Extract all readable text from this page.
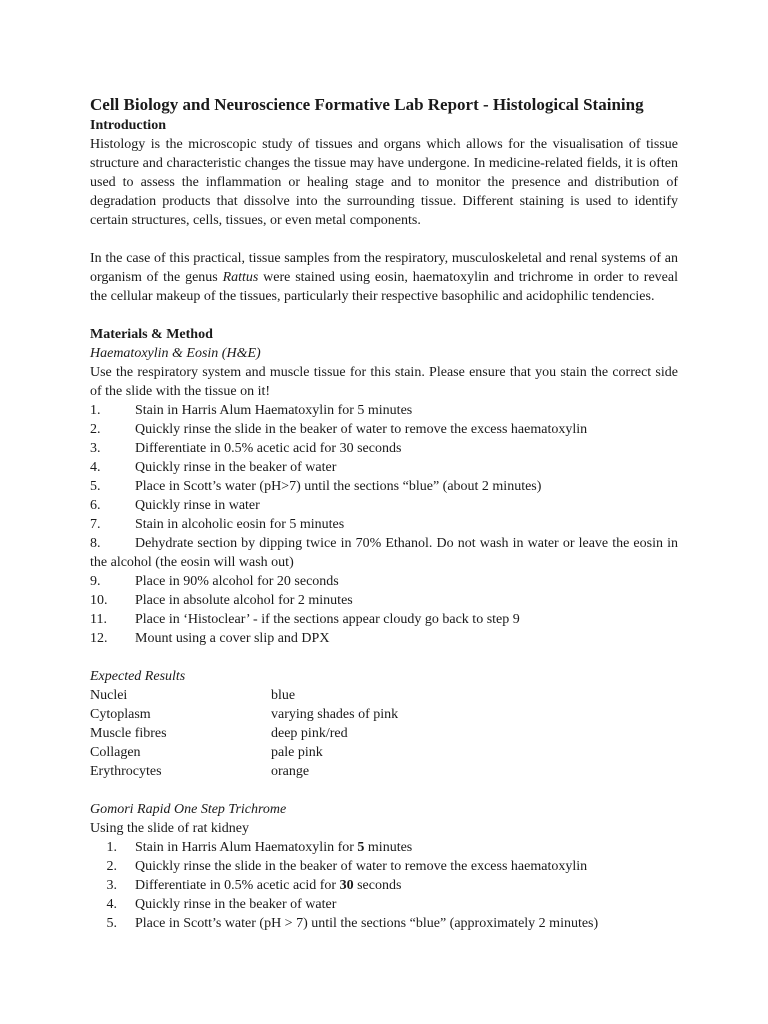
Cell Biology and Neuroscience Formative Lab Report - Histological Staining
Introduction

Histology is the microscopic study of tissues and organs which allows for the visualisation of tissue structure and characteristic changes the tissue may have undergone. In medicine-related fields, it is often used to assess the inflammation or healing stage and to monitor the presence and distribution of degradation products that dissolve into the surrounding tissue. Different staining is used to identify certain structures, cells, tissues, or even metal components.

In the case of this practical, tissue samples from the respiratory, musculoskeletal and renal systems of an organism of the genus Rattus were stained using eosin, haematoxylin and trichrome in order to reveal the cellular makeup of the tissues, particularly their respective basophilic and acidophilic tendencies.

Materials & Method
Haematoxylin & Eosin (H&E)

Use the respiratory system and muscle tissue for this stain. Please ensure that you stain the correct side of the slide with the tissue on it!

1.	Stain in Harris Alum Haematoxylin for 5 minutes
2.	Quickly rinse the slide in the beaker of water to remove the excess haematoxylin
3.	Differentiate in 0.5% acetic acid for 30 seconds
4.	Quickly rinse in the beaker of water
5.	Place in Scott’s water (pH>7) until the sections “blue” (about 2 minutes)
6.	Quickly rinse in water
7.	Stain in alcoholic eosin for 5 minutes
8. Dehydrate section by dipping twice in 70% Ethanol. Do not wash in water or leave the eosin in the alcohol (the eosin will wash out)
9.	Place in 90% alcohol for 20 seconds
10.	Place in absolute alcohol for 2 minutes
11.	Place in ‘Histoclear’ - if the sections appear cloudy go back to step 9
12.	Mount using a cover slip and DPX
Expected Results
Nuclei	blue
Cytoplasm	varying shades of pink
Muscle fibres	deep pink/red
Collagen	pale pink
Erythrocytes	orange
Gomori Rapid One Step Trichrome
Using the slide of rat kidney
1.	Stain in Harris Alum Haematoxylin for 5 minutes
2.	Quickly rinse the slide in the beaker of water to remove the excess haematoxylin
3.	Differentiate in 0.5% acetic acid for 30 seconds
4.	Quickly rinse in the beaker of water
5.	Place in Scott’s water (pH > 7) until the sections “blue” (approximately 2 minutes)
